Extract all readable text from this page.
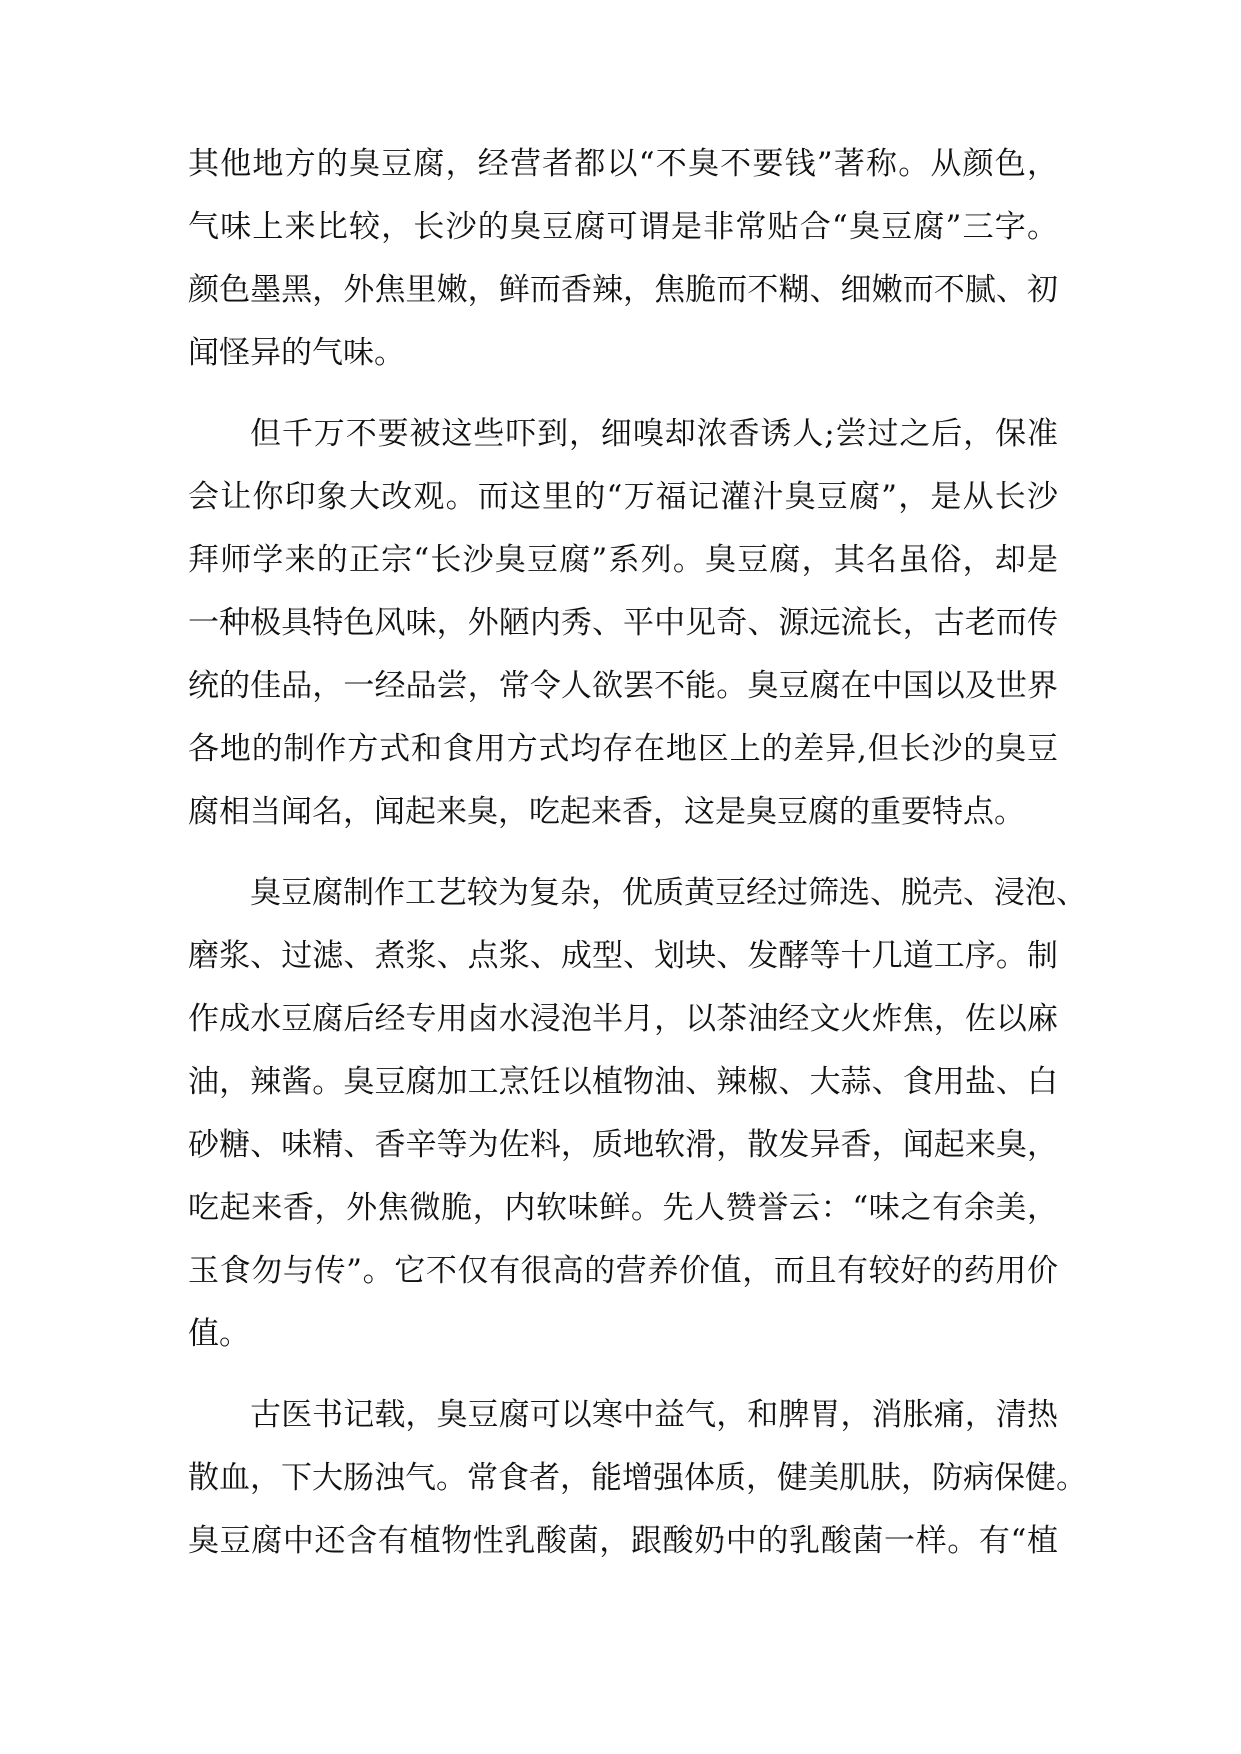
其他地方的臭豆腐，经营者都以“不臭不要钱”著称。从颜色，
气味上来比较，长沙的臭豆腐可谓是非常贴合“臭豆腐”三字。
颜色墨黑，外焦里嫩，鲜而香辣，焦脆而不糊、细嫩而不腻、初
闻怪异的气味。
但千万不要被这些吓到，细嗅却浓香诱人;尝过之后，保准
会让你印象大改观。而这里的“万福记灌汁臭豆腐”，是从长沙
拜师学来的正宗“长沙臭豆腐”系列。臭豆腐，其名虽俗，却是
一种极具特色风味，外陋内秀、平中见奇、源远流长，古老而传
统的佳品，一经品尝，常令人欲罢不能。臭豆腐在中国以及世界
各地的制作方式和食用方式均存在地区上的差异,但长沙的臭豆
腐相当闻名，闻起来臭，吃起来香，这是臭豆腐的重要特点。
臭豆腐制作工艺较为复杂，优质黄豆经过筛选、脱壳、浸泡、
磨浆、过滤、煮浆、点浆、成型、划块、发酵等十几道工序。制
作成水豆腐后经专用卤水浸泡半月，以茶油经文火炸焦，佐以麻
油，辣酱。臭豆腐加工烹饪以植物油、辣椒、大蒜、食用盐、白
砂糖、味精、香辛等为佐料，质地软滑，散发异香，闻起来臭，
吃起来香，外焦微脆，内软味鲜。先人赞誉云：“味之有余美，
玉食勿与传”。它不仅有很高的营养价值，而且有较好的药用价
值。
古医书记载，臭豆腐可以寒中益气，和脾胃，消胀痛，清热
散血，下大肠浊气。常食者，能增强体质，健美肌肤，防病保健。
臭豆腐中还含有植物性乳酸菌，跟酸奶中的乳酸菌一样。有“植
